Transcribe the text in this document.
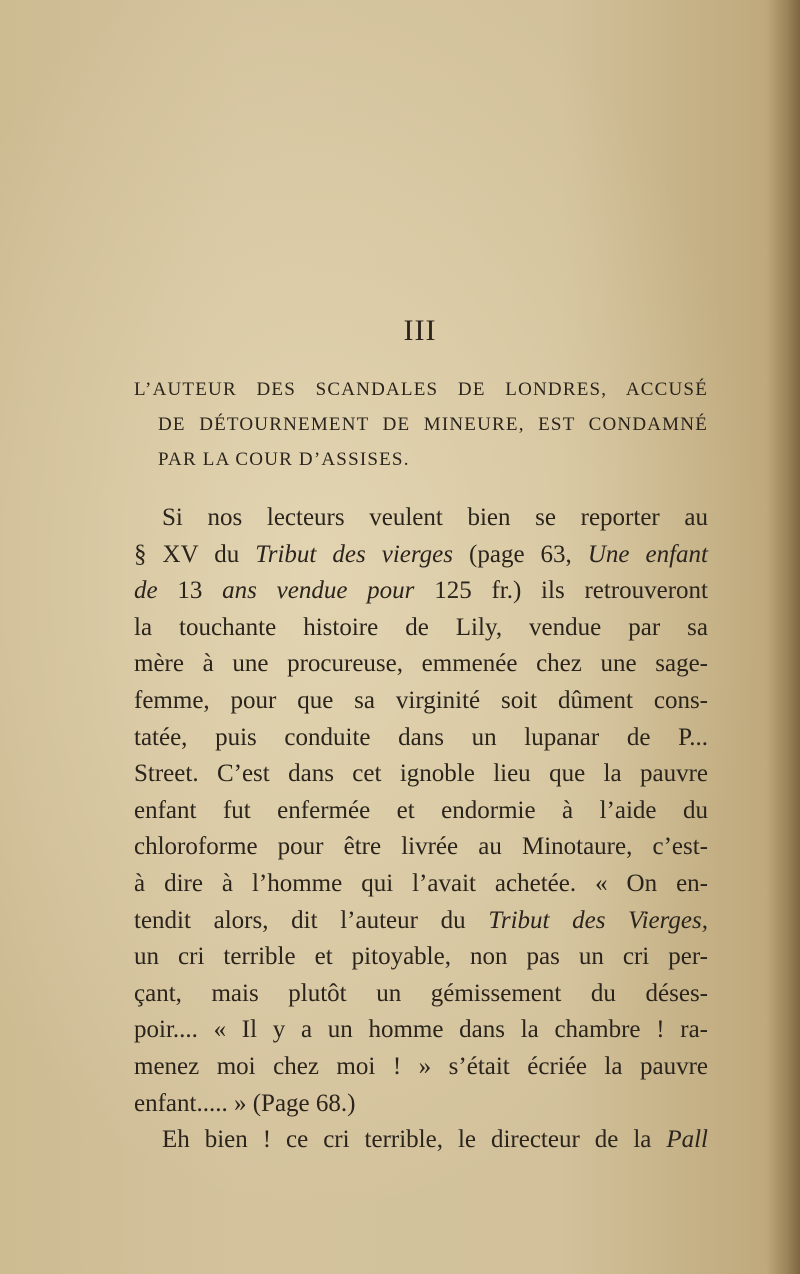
III
L’AUTEUR DES SCANDALES DE LONDRES, ACCUSÉ
DE DÉTOURNEMENT DE MINEURE, EST CONDAMNÉ
PAR LA COUR D’ASSISES.
Si nos lecteurs veulent bien se reporter au
§ XV du Tribut des vierges (page 63, Une enfant
de 13 ans vendue pour 125 fr.) ils retrouveront
la touchante histoire de Lily, vendue par sa
mère à une procureuse, emmenée chez une sage-
femme, pour que sa virginité soit dûment cons-
tatée, puis conduite dans un lupanar de P...
Street. C’est dans cet ignoble lieu que la pauvre
enfant fut enfermée et endormie à l’aide du
chloroforme pour être livrée au Minotaure, c’est-
à dire à l’homme qui l’avait achetée. « On en-
tendit alors, dit l’auteur du Tribut des Vierges,
un cri terrible et pitoyable, non pas un cri per-
çant, mais plutôt un gémissement du déses-
poir.... « Il y a un homme dans la chambre ! ra-
menez moi chez moi ! » s’était écriée la pauvre
enfant..... » (Page 68.)
Eh bien ! ce cri terrible, le directeur de la Pall
